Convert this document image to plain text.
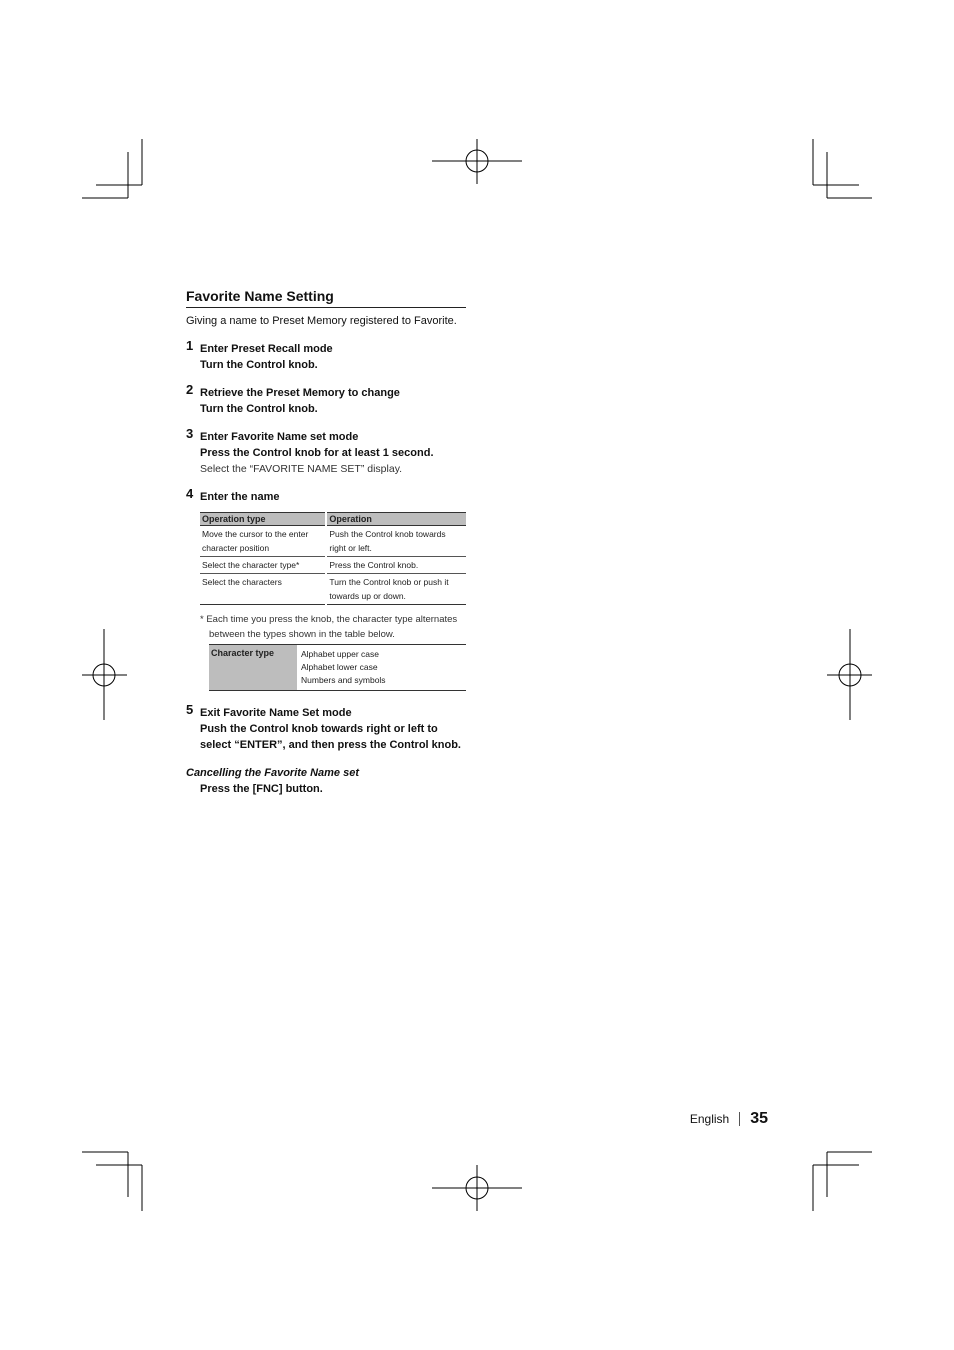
Favorite Name Setting
Giving a name to Preset Memory registered to Favorite.
1 Enter Preset Recall mode
Turn the Control knob.
2 Retrieve the Preset Memory to change
Turn the Control knob.
3 Enter Favorite Name set mode
Press the Control knob for at least 1 second.
Select the “FAVORITE NAME SET” display.
4 Enter the name
Operation type	Operation
Move the cursor to the enter character position	Push the Control knob towards right or left.
Select the character type*	Press the Control knob.
Select the characters	Turn the Control knob or push it towards up or down.
* Each time you press the knob, the character type alternates between the types shown in the table below.
Character type	Alphabet upper case
Alphabet lower case
Numbers and symbols
5 Exit Favorite Name Set mode
Push the Control knob towards right or left to select “ENTER”, and then press the Control knob.
Cancelling the Favorite Name set
Press the [FNC] button.
English 35
